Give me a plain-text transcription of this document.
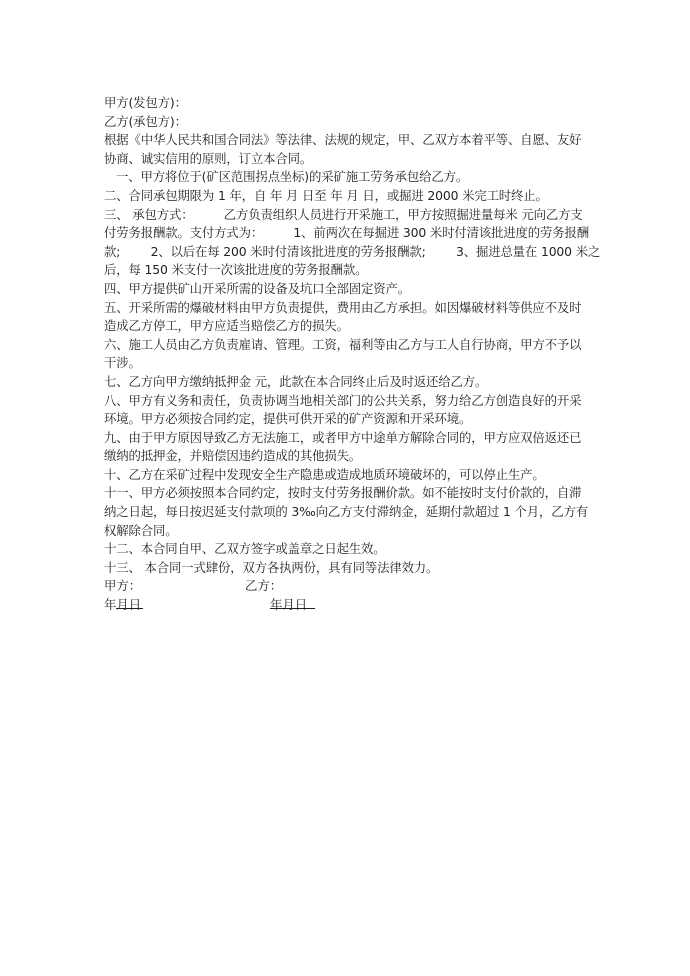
甲方(发包方)：
乙方(承包方)：
根据《中华人民共和国合同法》等法律、法规的规定，甲、乙双方本着平等、自愿、友好
协商、诚实信用的原则，订立本合同。
一、甲方将位于(矿区范围拐点坐标)的采矿施工劳务承包给乙方。
二、合同承包期限为 1 年，自 年 月 日至 年 月 日，或掘进 2000 米完工时终止。
三、 承包方式：        乙方负责组织人员进行开采施工，甲方按照掘进量每米 元向乙方支
付劳务报酬款。支付方式为：        1、前两次在每掘进 300 米时付清该批进度的劳务报酬
款;        2、以后在每 200 米时付清该批进度的劳务报酬款;        3、掘进总量在 1000 米之
后，每 150 米支付一次该批进度的劳务报酬款。
四、甲方提供矿山开采所需的设备及坑口全部固定资产。
五、开采所需的爆破材料由甲方负责提供，费用由乙方承担。如因爆破材料等供应不及时
造成乙方停工，甲方应适当赔偿乙方的损失。
六、施工人员由乙方负责雇请、管理。工资，福利等由乙方与工人自行协商，甲方不予以
干涉。
七、乙方向甲方缴纳抵押金 元，此款在本合同终止后及时返还给乙方。
八、甲方有义务和责任，负责协调当地相关部门的公共关系，努力给乙方创造良好的开采
环境。甲方必须按合同约定，提供可供开采的矿产资源和开采环境。
九、由于甲方原因导致乙方无法施工，或者甲方中途单方解除合同的，甲方应双倍返还已
缴纳的抵押金，并赔偿因违约造成的其他损失。
十、乙方在采矿过程中发现安全生产隐患或造成地质环境破坏的，可以停止生产。
十一、甲方必须按照本合同约定，按时支付劳务报酬价款。如不能按时支付价款的，自滞
纳之日起，每日按迟延支付款项的 3‰向乙方支付滞纳金，延期付款超过 1 个月，乙方有
权解除合同。
十二、本合同自甲、乙双方签字或盖章之日起生效。
十三、 本合同一式肆份，双方各执两份，具有同等法律效力。
甲方：	乙方：
年
月
日	年
月
日
